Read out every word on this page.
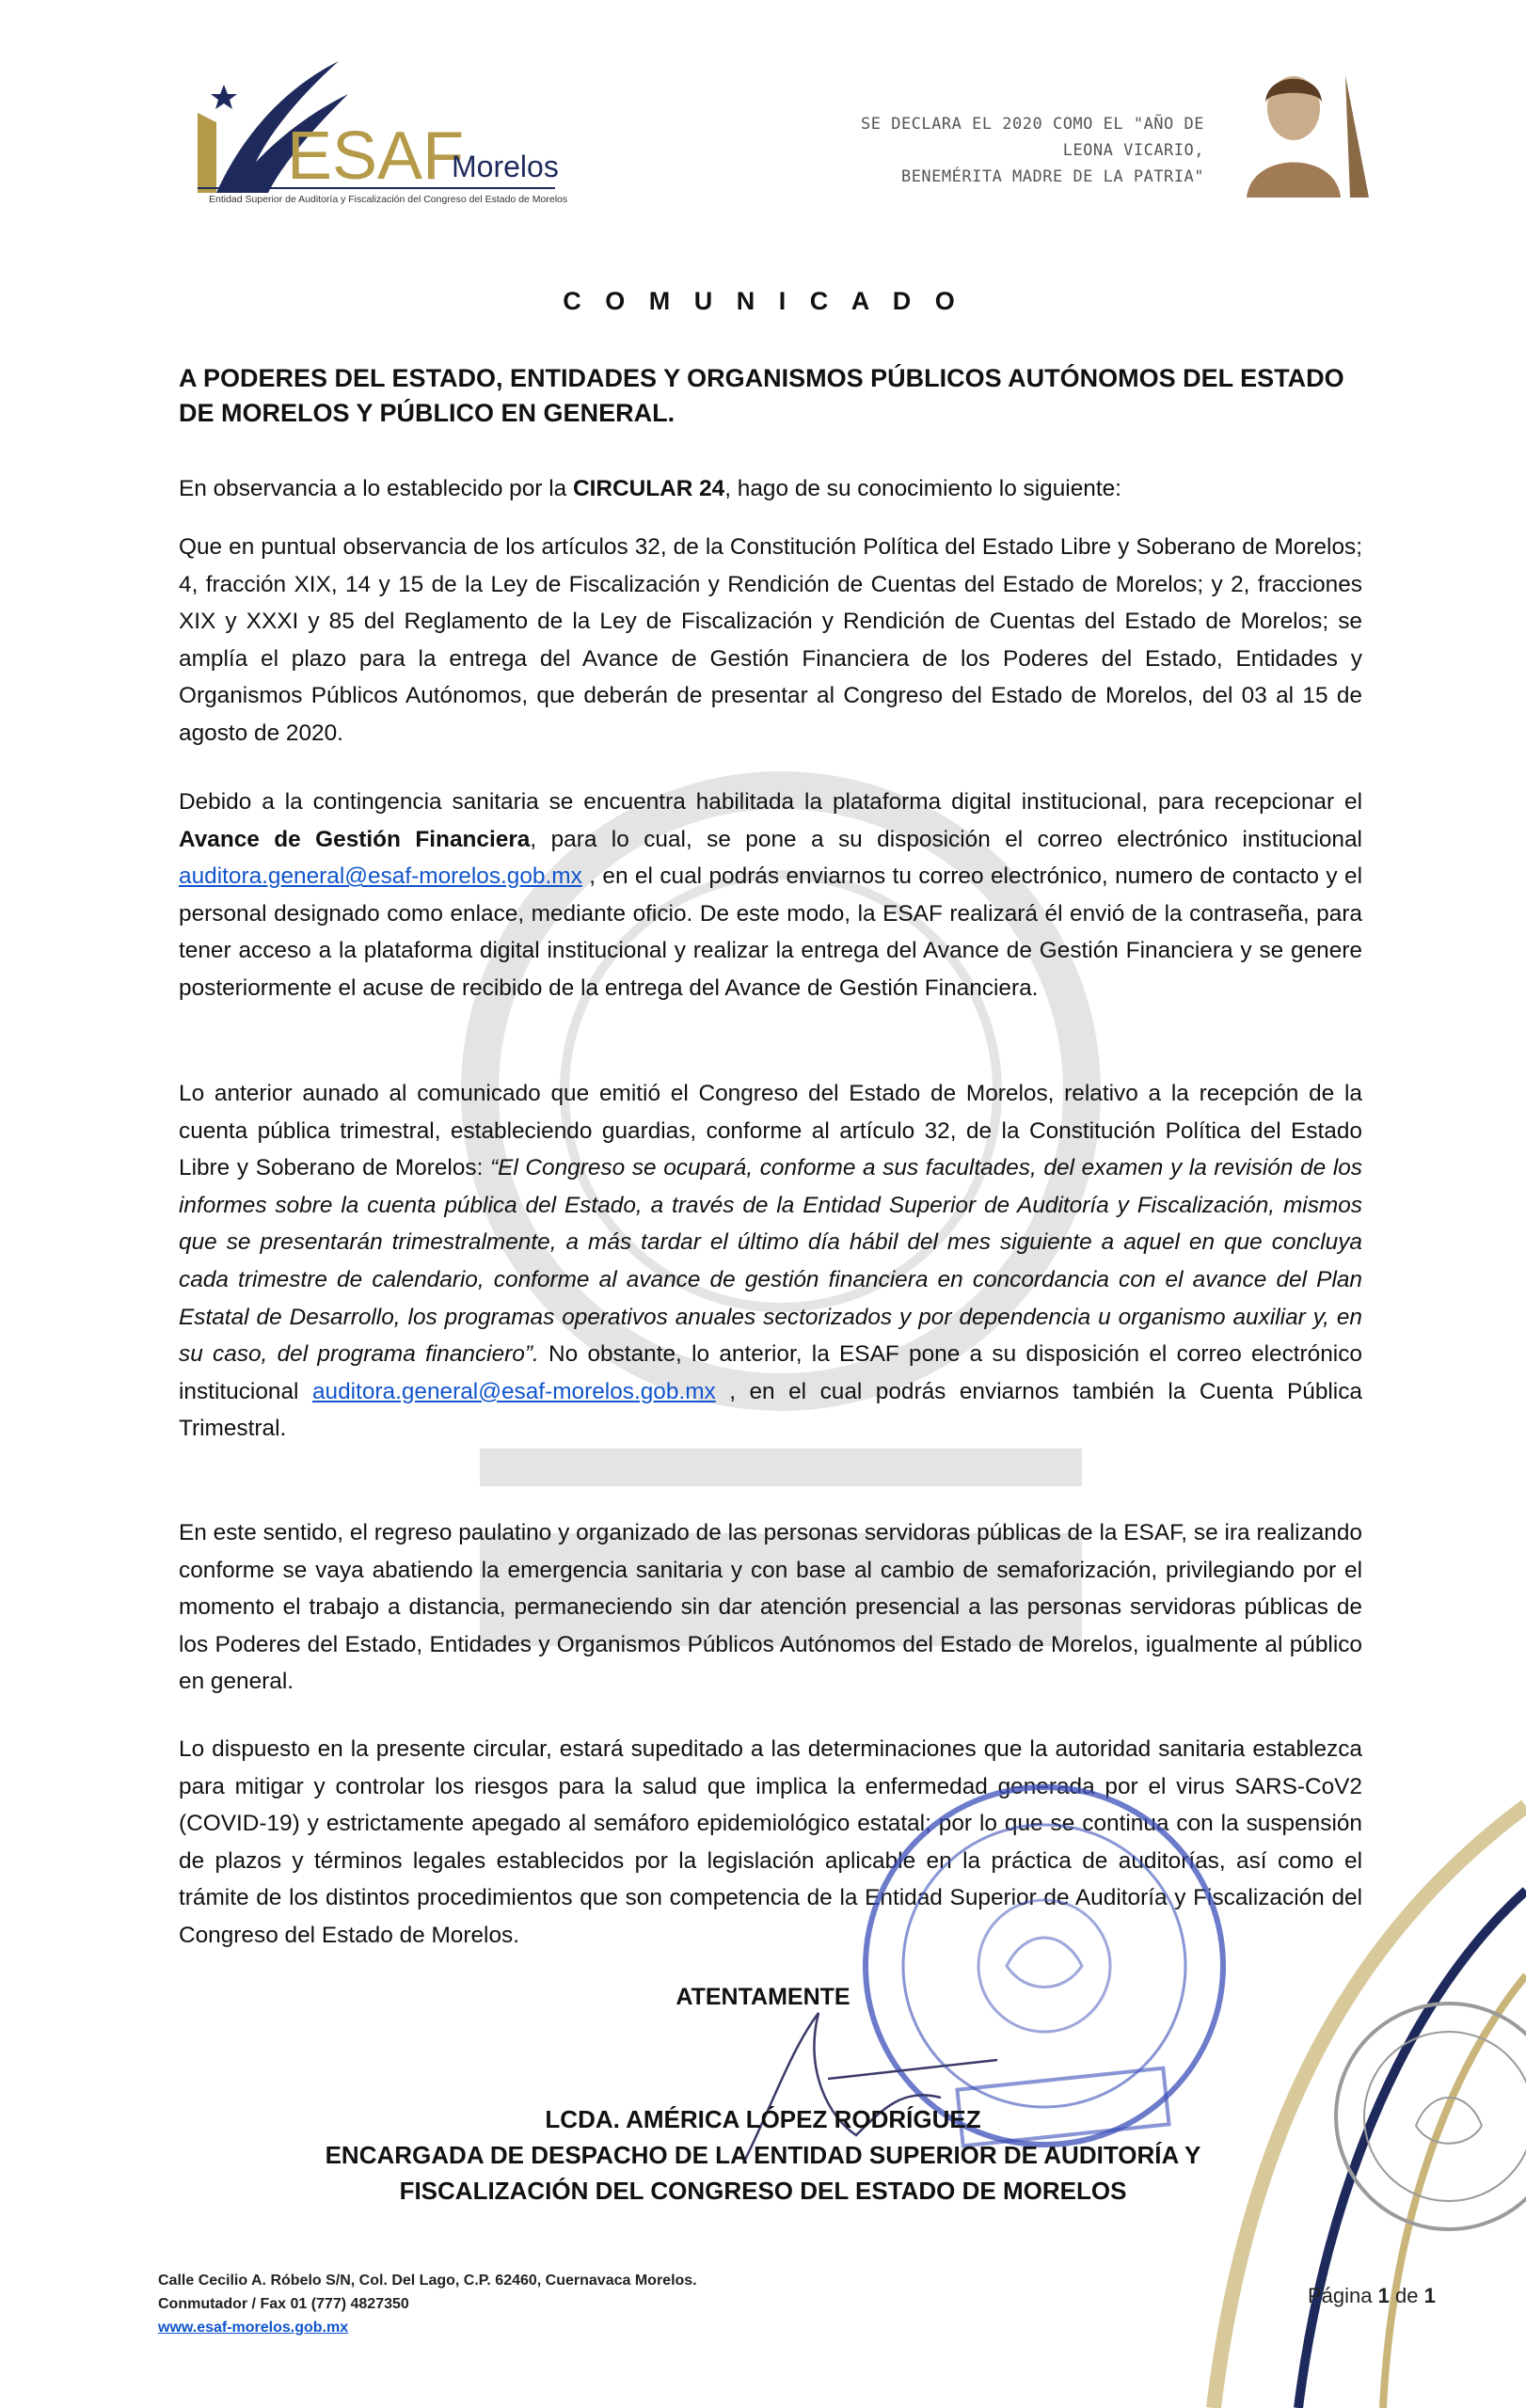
ESAF
Morelos
Entidad Superior de Auditoría y Fiscalización del Congreso del Estado de Morelos
SE DECLARA EL 2020 COMO EL "AÑO DE LEONA VICARIO,
BENEMÉRITA MADRE DE LA PATRIA"
C O M U N I C A D O
A PODERES DEL ESTADO, ENTIDADES Y ORGANISMOS PÚBLICOS AUTÓNOMOS DEL ESTADO DE MORELOS Y PÚBLICO EN GENERAL.
En observancia a lo establecido por la CIRCULAR 24, hago de su conocimiento lo siguiente:
Que en puntual observancia de los artículos 32, de la Constitución Política del Estado Libre y Soberano de Morelos; 4, fracción XIX, 14 y 15 de la Ley de Fiscalización y Rendición de Cuentas del Estado de Morelos; y 2, fracciones XIX y XXXI y 85 del Reglamento de la Ley de Fiscalización y Rendición de Cuentas del Estado de Morelos; se amplía el plazo para la entrega del Avance de Gestión Financiera de los Poderes del Estado, Entidades y Organismos Públicos Autónomos, que deberán de presentar al Congreso del Estado de Morelos, del 03 al 15 de agosto de 2020.
Debido a la contingencia sanitaria se encuentra habilitada la plataforma digital institucional, para recepcionar el Avance de Gestión Financiera, para lo cual, se pone a su disposición el correo electrónico institucional auditora.general@esaf-morelos.gob.mx , en el cual podrás enviarnos tu correo electrónico, numero de contacto y el personal designado como enlace, mediante oficio. De este modo, la ESAF realizará él envió de la contraseña, para tener acceso a la plataforma digital institucional y realizar la entrega del Avance de Gestión Financiera y se genere posteriormente el acuse de recibido de la entrega del Avance de Gestión Financiera.
Lo anterior aunado al comunicado que emitió el Congreso del Estado de Morelos, relativo a la recepción de la cuenta pública trimestral, estableciendo guardias, conforme al artículo 32, de la Constitución Política del Estado Libre y Soberano de Morelos: “El Congreso se ocupará, conforme a sus facultades, del examen y la revisión de los informes sobre la cuenta pública del Estado, a través de la Entidad Superior de Auditoría y Fiscalización, mismos que se presentarán trimestralmente, a más tardar el último día hábil del mes siguiente a aquel en que concluya cada trimestre de calendario, conforme al avance de gestión financiera en concordancia con el avance del Plan Estatal de Desarrollo, los programas operativos anuales sectorizados y por dependencia u organismo auxiliar y, en su caso, del programa financiero”. No obstante, lo anterior, la ESAF pone a su disposición el correo electrónico institucional auditora.general@esaf-morelos.gob.mx , en el cual podrás enviarnos también la Cuenta Pública Trimestral.
En este sentido, el regreso paulatino y organizado de las personas servidoras públicas de la ESAF, se ira realizando conforme se vaya abatiendo la emergencia sanitaria y con base al cambio de semaforización, privilegiando por el momento el trabajo a distancia, permaneciendo sin dar atención presencial a las personas servidoras públicas de los Poderes del Estado, Entidades y Organismos Públicos Autónomos del Estado de Morelos, igualmente al público en general.
Lo dispuesto en la presente circular, estará supeditado a las determinaciones que la autoridad sanitaria establezca para mitigar y controlar los riesgos para la salud que implica la enfermedad generada por el virus SARS-CoV2 (COVID-19) y estrictamente apegado al semáforo epidemiológico estatal; por lo que se continua con la suspensión de plazos y términos legales establecidos por la legislación aplicable en la práctica de auditorías, así como el trámite de los distintos procedimientos que son competencia de la Entidad Superior de Auditoría y Fiscalización del Congreso del Estado de Morelos.
ATENTAMENTE
LCDA. AMÉRICA LÓPEZ RODRÍGUEZ
ENCARGADA DE DESPACHO DE LA ENTIDAD SUPERIOR DE AUDITORÍA Y
FISCALIZACIÓN DEL CONGRESO DEL ESTADO DE MORELOS
Calle Cecilio A. Róbelo S/N, Col. Del Lago, C.P. 62460, Cuernavaca Morelos.
Conmutador / Fax 01 (777) 4827350
www.esaf-morelos.gob.mx
Página 1 de 1
